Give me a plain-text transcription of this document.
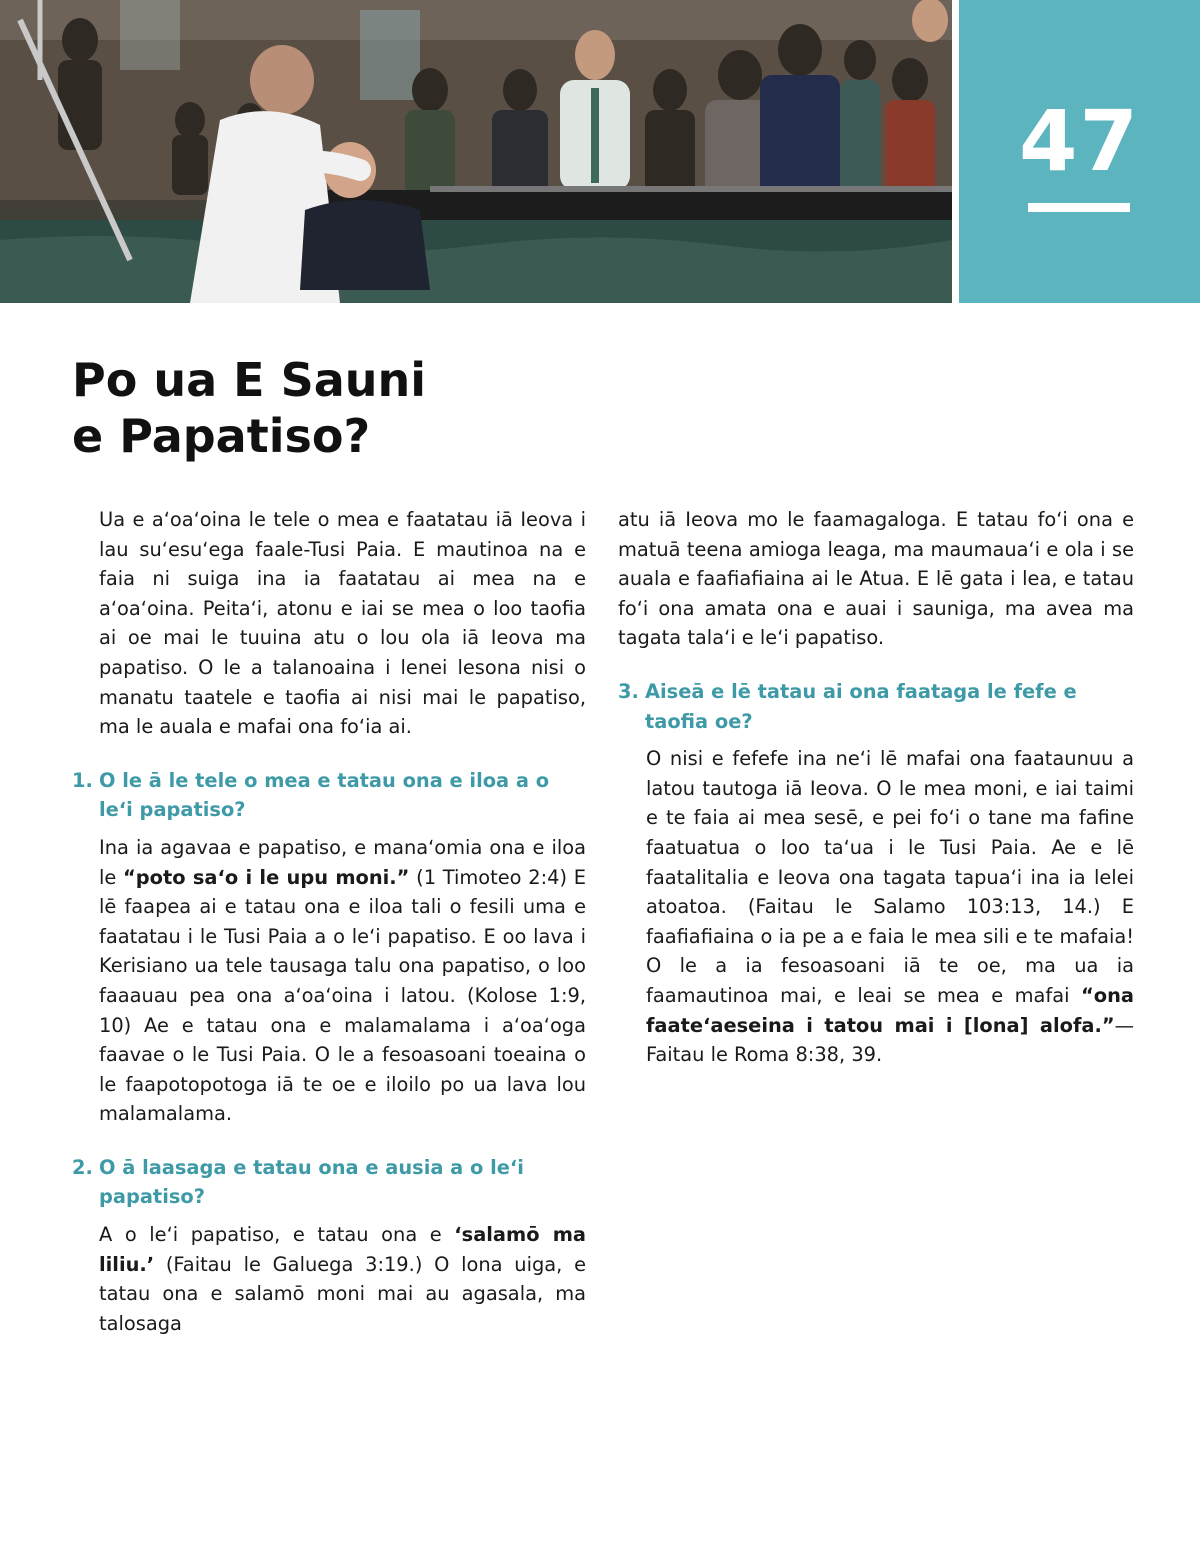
47
Po ua E Sauni
e Papatiso?

Ua e aʻoaʻoina le tele o mea e faatatau iā Ieova i lau suʻesuʻega faale-Tusi Paia. E mautinoa na e faia ni suiga ina ia faatatau ai mea na e aʻoaʻoina. Peitaʻi, atonu e iai se mea o loo taofia ai oe mai le tuuina atu o lou ola iā Ieova ma papatiso. O le a talanoaina i lenei lesona nisi o manatu taatele e taofia ai nisi mai le papatiso, ma le auala e mafai ona foʻia ai.

1. O le ā le tele o mea e tatau ona e iloa a o leʻi papatiso?

Ina ia agavaa e papatiso, e manaʻomia ona e iloa le “poto saʻo i le upu moni.” (1 Timoteo 2:4) E lē faapea ai e tatau ona e iloa tali o fesili uma e faatatau i le Tusi Paia a o leʻi papatiso. E oo lava i Kerisiano ua tele tausaga talu ona papatiso, o loo faaauau pea ona aʻoaʻoina i latou. (Kolose 1:9, 10) Ae e tatau ona e malamalama i aʻoaʻoga faavae o le Tusi Paia. O le a fesoasoani toeaina o le faapotopotoga iā te oe e iloilo po ua lava lou malamalama.

2. O ā laasaga e tatau ona e ausia a o leʻi papatiso?

A o leʻi papatiso, e tatau ona e ʻsalamō ma liliu.ʼ (Faitau le Galuega 3:19.) O lona uiga, e tatau ona e salamō moni mai au agasala, ma talosaga

atu iā Ieova mo le faamagaloga. E tatau foʻi ona e matuā teena amioga leaga, ma maumauaʻi e ola i se auala e faafiafiaina ai le Atua. E lē gata i lea, e tatau foʻi ona amata ona e auai i sauniga, ma avea ma tagata talaʻi e leʻi papatiso.

3. Aiseā e lē tatau ai ona faataga le fefe e taofia oe?

O nisi e fefefe ina neʻi lē mafai ona faataunuu a latou tautoga iā Ieova. O le mea moni, e iai taimi e te faia ai mea sesē, e pei foʻi o tane ma fafine faatuatua o loo taʻua i le Tusi Paia. Ae e lē faatalitalia e Ieova ona tagata tapuaʻi ina ia lelei atoatoa. (Faitau le Salamo 103:13, 14.) E faafiafiaina o ia pe a e faia le mea sili e te mafaia! O le a ia fesoasoani iā te oe, ma ua ia faamautinoa mai, e leai se mea e mafai “ona faateʻaeseina i tatou mai i [lona] alofa.”—Faitau le Roma 8:38, 39.
